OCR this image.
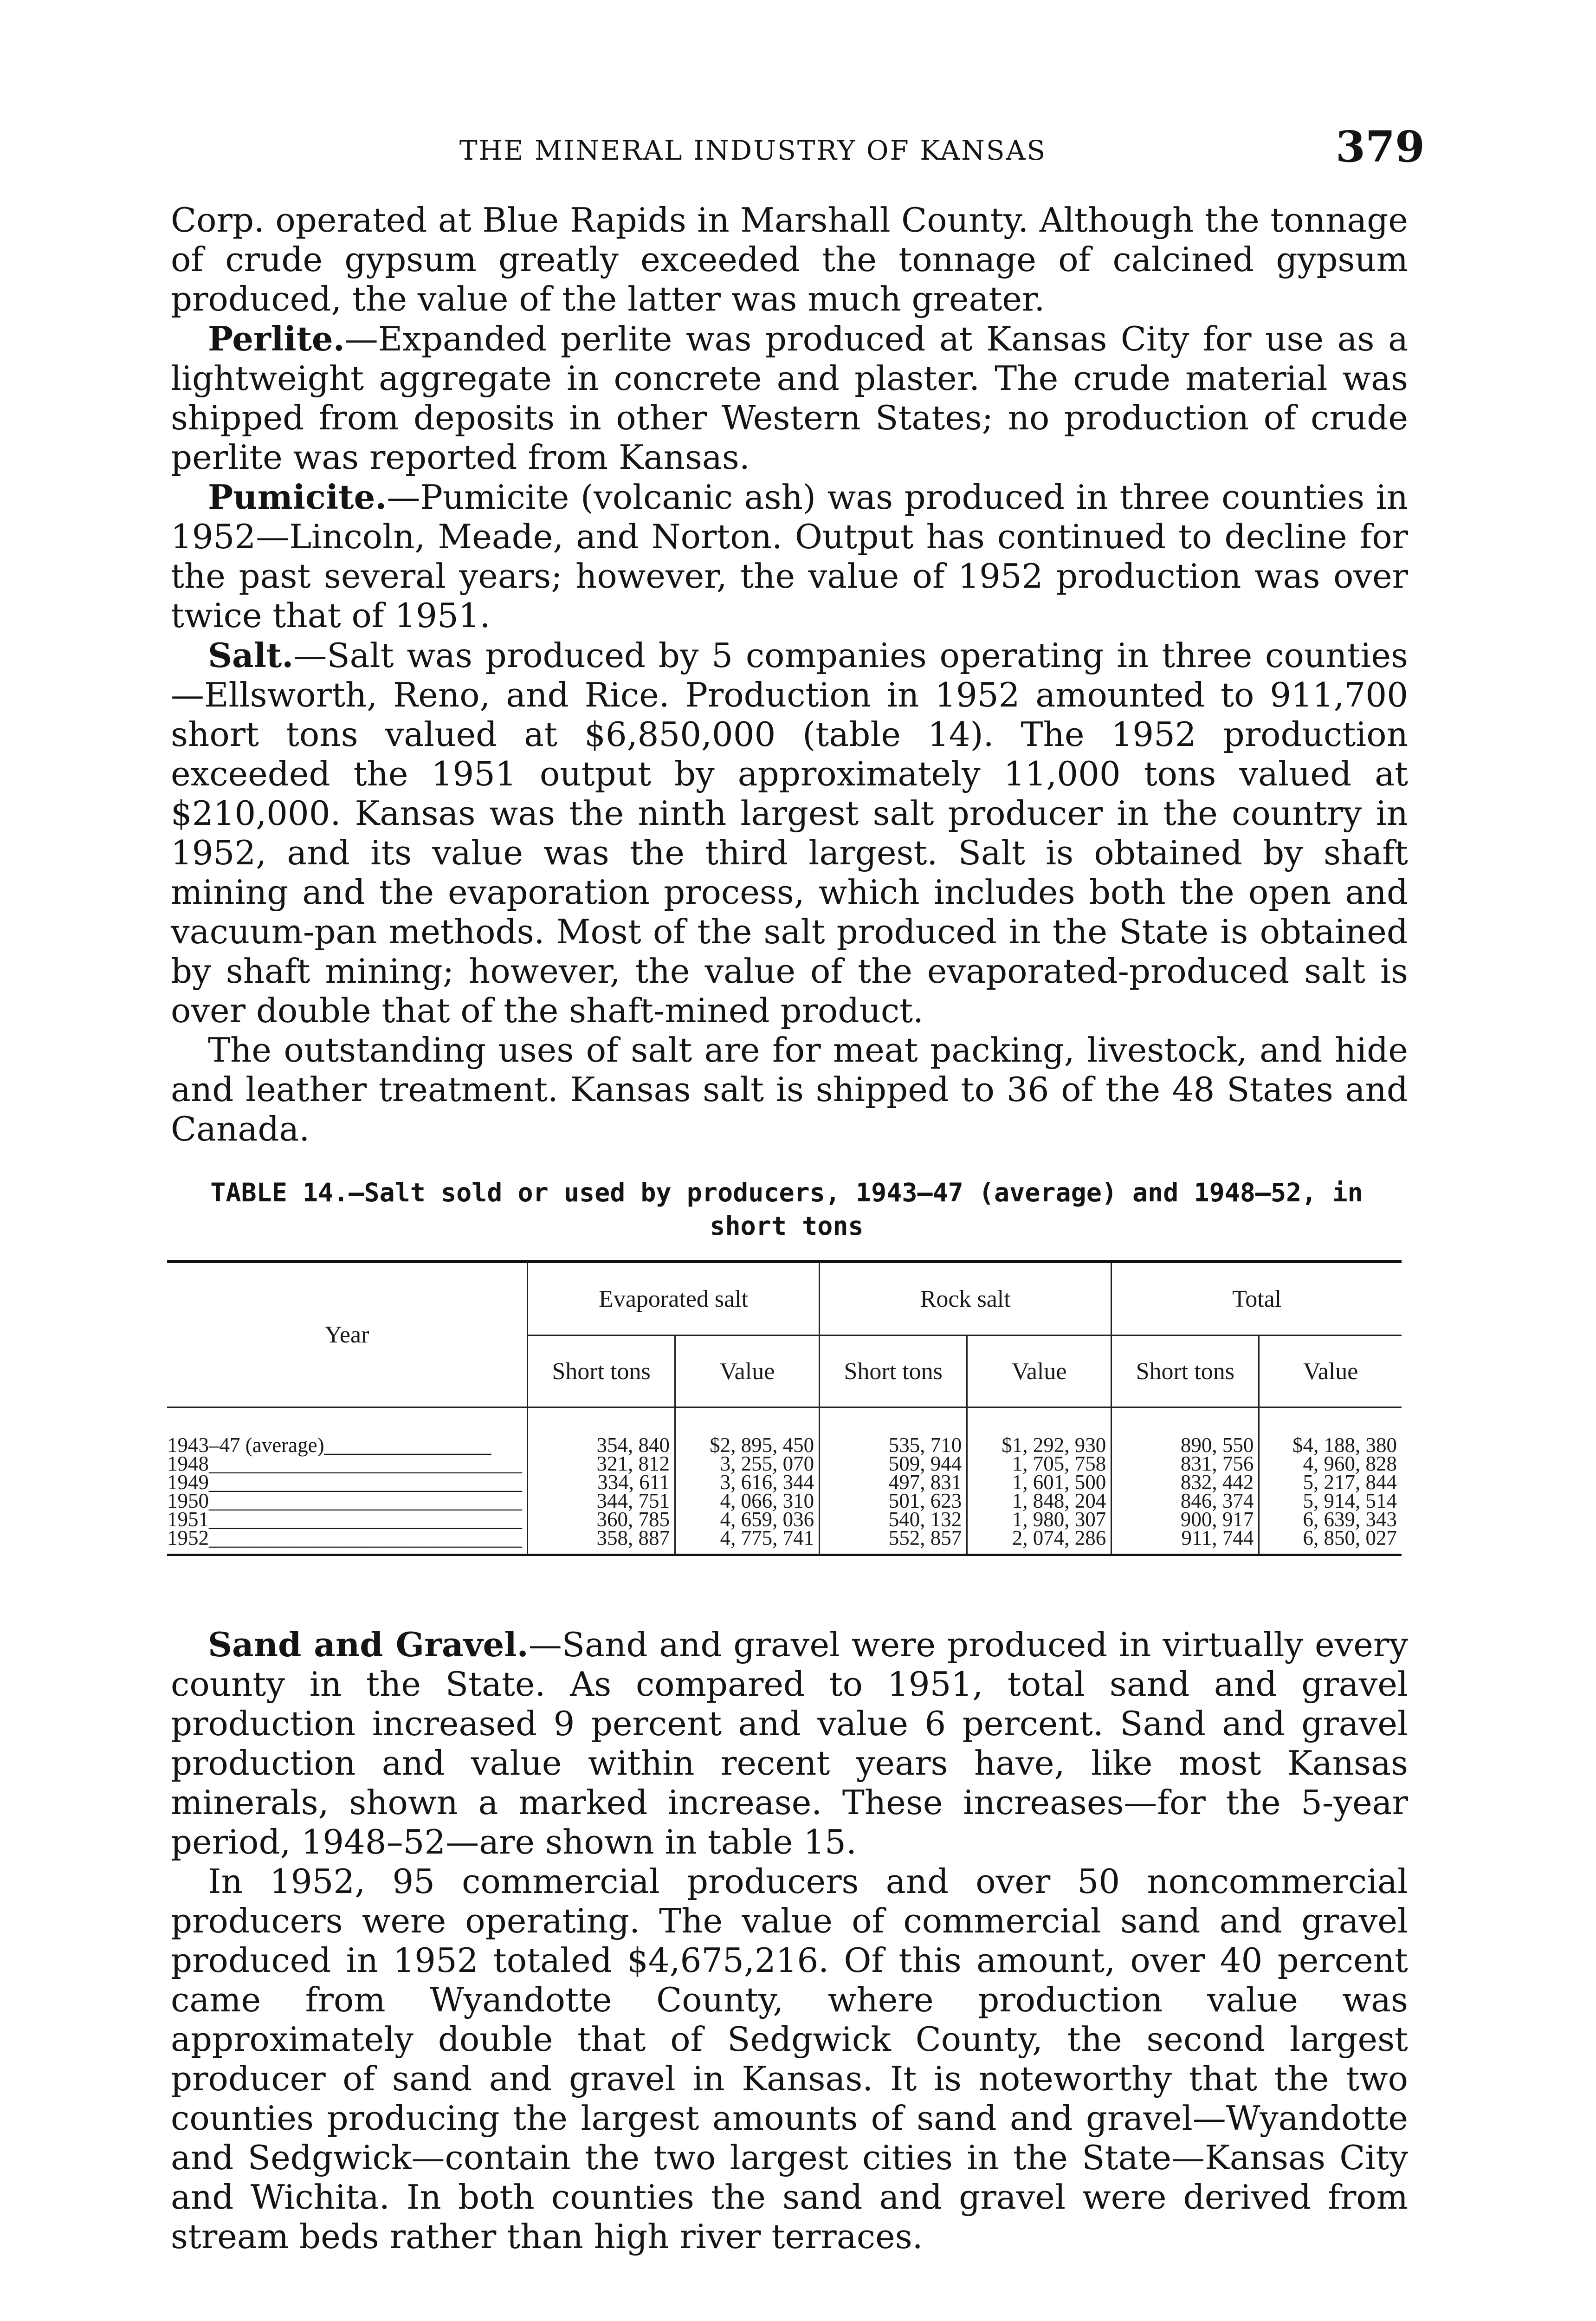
THE MINERAL INDUSTRY OF KANSAS	379

Corp. operated at Blue Rapids in Marshall County. Although the tonnage of crude gypsum greatly exceeded the tonnage of calcined gypsum produced, the value of the latter was much greater.

Perlite.—Expanded perlite was produced at Kansas City for use as a lightweight aggregate in concrete and plaster. The crude material was shipped from deposits in other Western States; no production of crude perlite was reported from Kansas.

Pumicite.—Pumicite (volcanic ash) was produced in three counties in 1952—Lincoln, Meade, and Norton. Output has continued to decline for the past several years; however, the value of 1952 production was over twice that of 1951.

Salt.—Salt was produced by 5 companies operating in three counties—Ellsworth, Reno, and Rice. Production in 1952 amounted to 911,700 short tons valued at $6,850,000 (table 14). The 1952 production exceeded the 1951 output by approximately 11,000 tons valued at $210,000. Kansas was the ninth largest salt producer in the country in 1952, and its value was the third largest. Salt is obtained by shaft mining and the evaporation process, which includes both the open and vacuum-pan methods. Most of the salt produced in the State is obtained by shaft mining; however, the value of the evaporated-produced salt is over double that of the shaft-mined product.

The outstanding uses of salt are for meat packing, livestock, and hide and leather treatment. Kansas salt is shipped to 36 of the 48 States and Canada.

TABLE 14.—Salt sold or used by producers, 1943–47 (average) and 1948–52, in
short tons
Year	Evaporated salt		Rock salt		Total	
	Short tons	Value	Short tons	Value	Short tons	Value
1943–47 (average)________________	354, 840	$2, 895, 450	535, 710	$1, 292, 930	890, 550	$4, 188, 380
1948______________________________	321, 812	3, 255, 070	509, 944	1, 705, 758	831, 756	4, 960, 828
1949______________________________	334, 611	3, 616, 344	497, 831	1, 601, 500	832, 442	5, 217, 844
1950______________________________	344, 751	4, 066, 310	501, 623	1, 848, 204	846, 374	5, 914, 514
1951______________________________	360, 785	4, 659, 036	540, 132	1, 980, 307	900, 917	6, 639, 343
1952______________________________	358, 887	4, 775, 741	552, 857	2, 074, 286	911, 744	6, 850, 027

Sand and Gravel.—Sand and gravel were produced in virtually every county in the State. As compared to 1951, total sand and gravel production increased 9 percent and value 6 percent. Sand and gravel production and value within recent years have, like most Kansas minerals, shown a marked increase. These increases—for the 5-year period, 1948–52—are shown in table 15.

In 1952, 95 commercial producers and over 50 noncommercial producers were operating. The value of commercial sand and gravel produced in 1952 totaled $4,675,216. Of this amount, over 40 percent came from Wyandotte County, where production value was approximately double that of Sedgwick County, the second largest producer of sand and gravel in Kansas. It is noteworthy that the two counties producing the largest amounts of sand and gravel—Wyandotte and Sedgwick—contain the two largest cities in the State—Kansas City and Wichita. In both counties the sand and gravel were derived from stream beds rather than high river terraces.
